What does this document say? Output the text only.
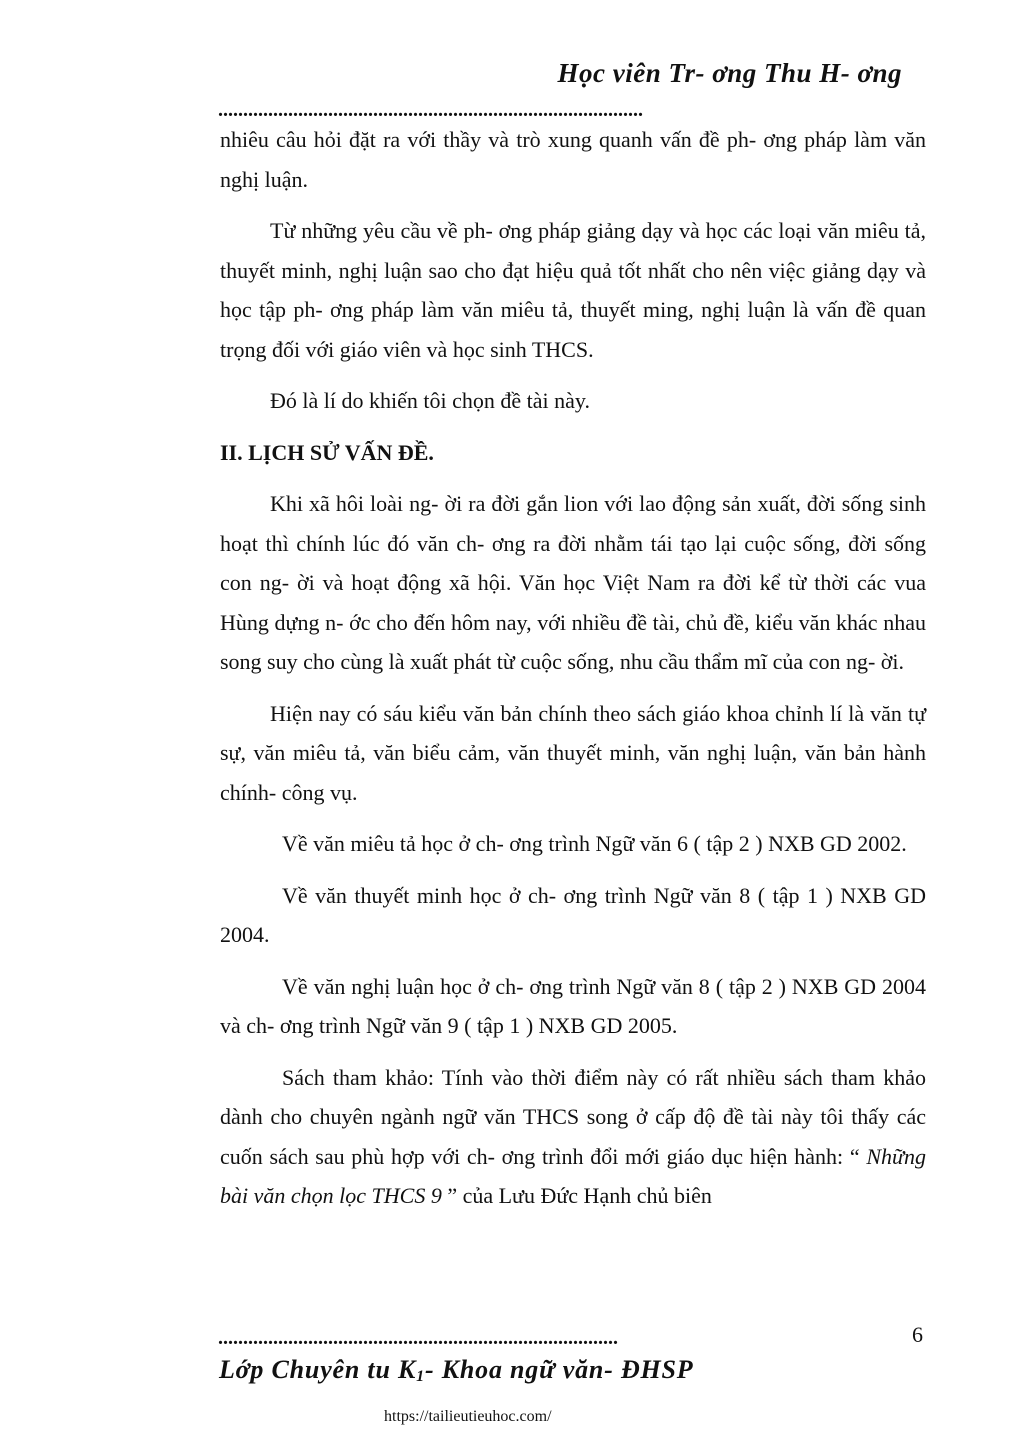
Học viên Tr- ơng Thu H- ơng
.....................................................................................

nhiêu câu hỏi đặt ra với thầy và trò xung quanh vấn đề ph- ơng pháp làm văn nghị luận.

Từ những yêu cầu về ph- ơng pháp giảng dạy và học các loại văn miêu tả, thuyết minh, nghị luận sao cho đạt hiệu quả tốt nhất cho nên việc giảng dạy và học tập ph- ơng pháp làm văn miêu tả, thuyết ming, nghị luận là vấn đề quan trọng đối với giáo viên và học sinh THCS.

Đó là lí do khiến tôi chọn đề tài này.

II. LỊCH SỬ VẤN ĐỀ.

Khi xã hôi loài ng- ời ra đời gắn lion với lao động sản xuất, đời sống sinh hoạt thì chính lúc đó văn ch- ơng ra đời nhằm tái tạo lại cuộc sống, đời sống con ng- ời và hoạt động xã hội. Văn học Việt Nam ra đời kể từ thời các vua Hùng dựng n- ớc cho đến hôm nay, với nhiều đề tài, chủ đề, kiểu văn khác nhau song suy cho cùng là xuất phát từ cuộc sống, nhu cầu thẩm mĩ của con ng- ời.

Hiện nay có sáu kiểu văn bản chính theo sách giáo khoa chỉnh lí là văn tự sự, văn miêu tả, văn biểu cảm, văn thuyết minh, văn nghị luận, văn bản hành chính- công vụ.

Về văn miêu tả học ở ch- ơng trình Ngữ văn 6 ( tập 2 ) NXB GD 2002.

Về văn thuyết minh học ở ch- ơng trình Ngữ văn 8 ( tập 1 ) NXB GD 2004.

Về văn nghị luận học ở ch- ơng trình Ngữ văn 8 ( tập 2 ) NXB GD 2004 và ch- ơng trình Ngữ văn 9 ( tập 1 ) NXB GD 2005.

Sách tham khảo: Tính vào thời điểm này có rất nhiều sách tham khảo dành cho chuyên ngành ngữ văn THCS song ở cấp độ đề tài này tôi thấy các cuốn sách sau phù hợp với ch- ơng trình đổi mới giáo dục hiện hành: “ Những bài văn chọn lọc THCS 9 ” của Lưu Đức Hạnh chủ biên

................................................................................	6
Lớp Chuyên tu K1- Khoa ngữ văn- ĐHSP
https://tailieutieuhoc.com/
